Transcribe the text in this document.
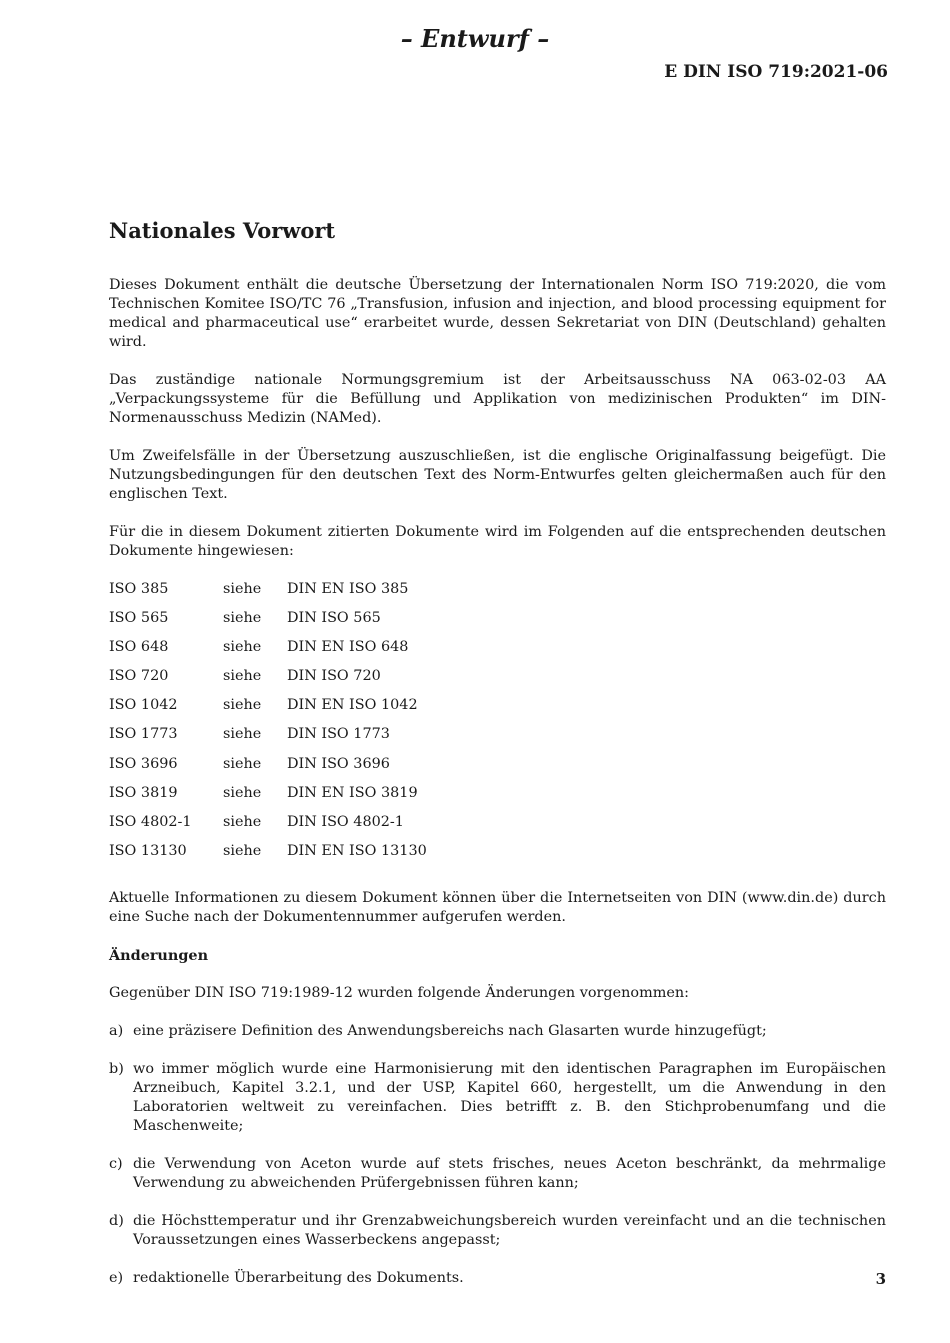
– Entwurf –
E DIN ISO 719:2021-06
Nationales Vorwort

Dieses Dokument enthält die deutsche Übersetzung der Internationalen Norm ISO 719:2020, die vom Technischen Komitee ISO/TC 76 „Transfusion, infusion and injection, and blood processing equipment for medical and pharmaceutical use“ erarbeitet wurde, dessen Sekretariat von DIN (Deutschland) gehalten wird.

Das zuständige nationale Normungsgremium ist der Arbeitsausschuss NA 063-02-03 AA „Verpackungssysteme für die Befüllung und Applikation von medizinischen Produkten“ im DIN-Normenausschuss Medizin (NAMed).

Um Zweifelsfälle in der Übersetzung auszuschließen, ist die englische Originalfassung beigefügt. Die Nutzungsbedingungen für den deutschen Text des Norm-Entwurfes gelten gleichermaßen auch für den englischen Text.

Für die in diesem Dokument zitierten Dokumente wird im Folgenden auf die entsprechenden deutschen Dokumente hingewiesen:

ISO 385	siehe	DIN EN ISO 385
ISO 565	siehe	DIN ISO 565
ISO 648	siehe	DIN EN ISO 648
ISO 720	siehe	DIN ISO 720
ISO 1042	siehe	DIN EN ISO 1042
ISO 1773	siehe	DIN ISO 1773
ISO 3696	siehe	DIN ISO 3696
ISO 3819	siehe	DIN EN ISO 3819
ISO 4802-1	siehe	DIN ISO 4802-1
ISO 13130	siehe	DIN EN ISO 13130

Aktuelle Informationen zu diesem Dokument können über die Internetseiten von DIN (www.din.de) durch eine Suche nach der Dokumentennummer aufgerufen werden.

Änderungen

Gegenüber DIN ISO 719:1989-12 wurden folgende Änderungen vorgenommen:

a) eine präzisere Definition des Anwendungsbereichs nach Glasarten wurde hinzugefügt;
b) wo immer möglich wurde eine Harmonisierung mit den identischen Paragraphen im Europäischen Arzneibuch, Kapitel 3.2.1, und der USP, Kapitel 660, hergestellt, um die Anwendung in den Laboratorien weltweit zu vereinfachen. Dies betrifft z. B. den Stichprobenumfang und die Maschenweite;
c) die Verwendung von Aceton wurde auf stets frisches, neues Aceton beschränkt, da mehrmalige Verwendung zu abweichenden Prüfergebnissen führen kann;
d) die Höchsttemperatur und ihr Grenzabweichungsbereich wurden vereinfacht und an die technischen Voraussetzungen eines Wasserbeckens angepasst;
e) redaktionelle Überarbeitung des Dokuments.	3
